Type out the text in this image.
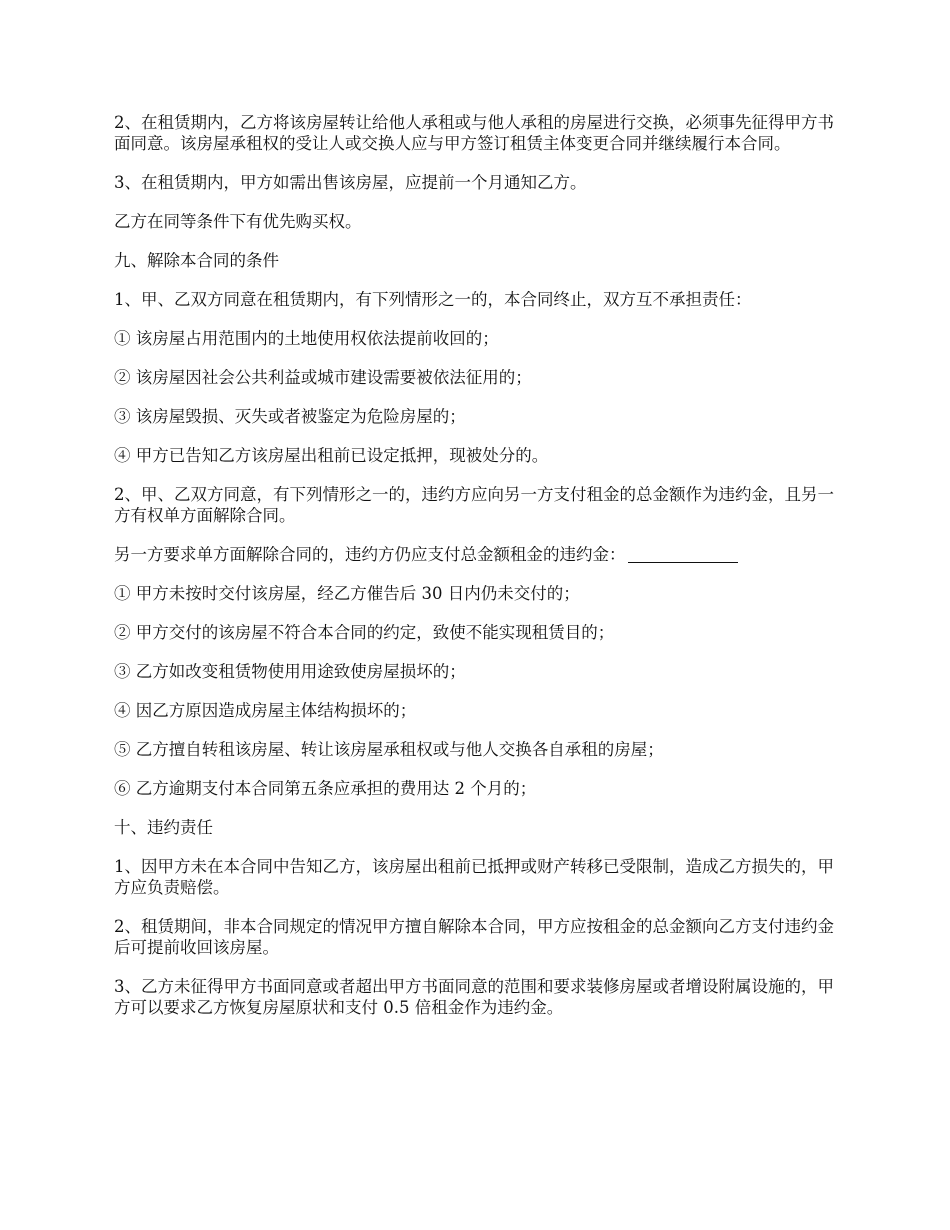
2、在租赁期内，乙方将该房屋转让给他人承租或与他人承租的房屋进行交换，必须事先征得甲方书面同意。该房屋承租权的受让人或交换人应与甲方签订租赁主体变更合同并继续履行本合同。

3、在租赁期内，甲方如需出售该房屋，应提前一个月通知乙方。

乙方在同等条件下有优先购买权。

九、解除本合同的条件

1、甲、乙双方同意在租赁期内，有下列情形之一的，本合同终止，双方互不承担责任：

① 该房屋占用范围内的土地使用权依法提前收回的；

② 该房屋因社会公共利益或城市建设需要被依法征用的；

③ 该房屋毁损、灭失或者被鉴定为危险房屋的；

④ 甲方已告知乙方该房屋出租前已设定抵押，现被处分的。

2、甲、乙双方同意，有下列情形之一的，违约方应向另一方支付租金的总金额作为违约金，且另一方有权单方面解除合同。

另一方要求单方面解除合同的，违约方仍应支付总金额租金的违约金：

① 甲方未按时交付该房屋，经乙方催告后 30 日内仍未交付的；

② 甲方交付的该房屋不符合本合同的约定，致使不能实现租赁目的；

③ 乙方如改变租赁物使用用途致使房屋损坏的；

④ 因乙方原因造成房屋主体结构损坏的；

⑤ 乙方擅自转租该房屋、转让该房屋承租权或与他人交换各自承租的房屋；

⑥ 乙方逾期支付本合同第五条应承担的费用达 2 个月的；

十、违约责任

1、因甲方未在本合同中告知乙方，该房屋出租前已抵押或财产转移已受限制，造成乙方损失的，甲方应负责赔偿。

2、租赁期间，非本合同规定的情况甲方擅自解除本合同，甲方应按租金的总金额向乙方支付违约金后可提前收回该房屋。

3、乙方未征得甲方书面同意或者超出甲方书面同意的范围和要求装修房屋或者增设附属设施的，甲方可以要求乙方恢复房屋原状和支付 0.5 倍租金作为违约金。
